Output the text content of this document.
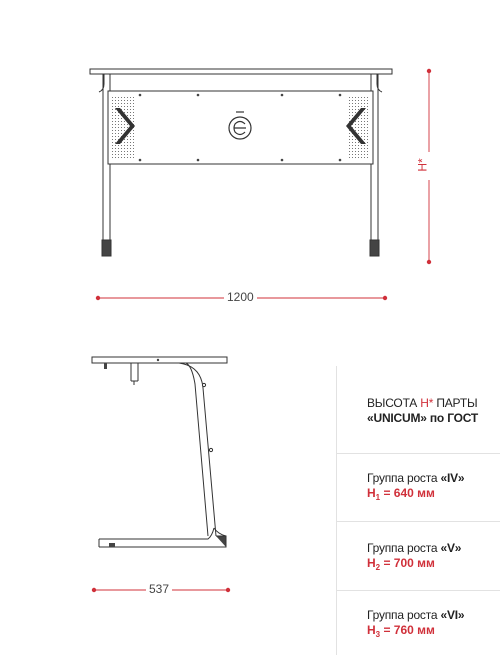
1200
537
H*
ВЫСОТА H* ПАРТЫ
«UNICUM» по ГОСТ
Группа роста «IV»
$H_1 = 640$ мм
Группа роста «V»
$H_2 = 700$ мм
Группа роста «VI»
$H_3 = 760$ мм
